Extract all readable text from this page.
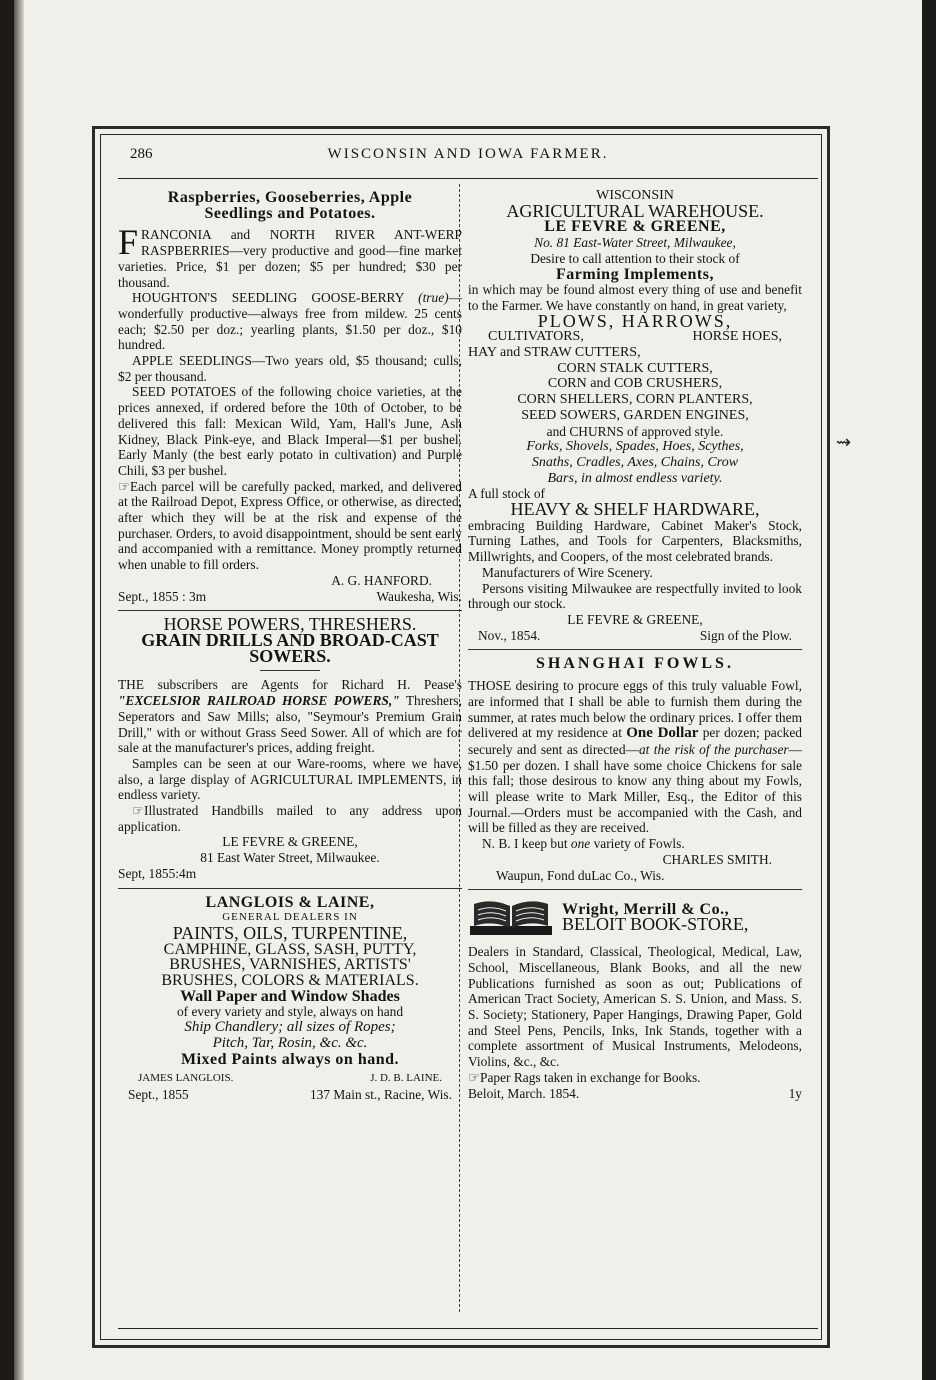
⇝
286	WISCONSIN AND IOWA FARMER.
Raspberries, Gooseberries, Apple
Seedlings and Potatoes.
FRANCONIA and NORTH RIVER ANT-WERP RASPBERRIES—very productive and good—fine market varieties. Price, $1 per dozen; $5 per hundred; $30 per thousand.
HOUGHTON'S SEEDLING GOOSE-BERRY (true)—wonderfully productive—always free from mildew. 25 cents each; $2.50 per doz.; yearling plants, $1.50 per doz., $10 hundred.
APPLE SEEDLINGS—Two years old, $5 thousand; culls, $2 per thousand.
SEED POTATOES of the following choice varieties, at the prices annexed, if ordered before the 10th of October, to be delivered this fall: Mexican Wild, Yam, Hall's June, Ash Kidney, Black Pink-eye, and Black Imperal—$1 per bushel. Early Manly (the best early potato in cultivation) and Purple Chili, $3 per bushel.
☞Each parcel will be carefully packed, marked, and delivered at the Railroad Depot, Express Office, or otherwise, as directed, after which they will be at the risk and expense of the purchaser. Orders, to avoid disappointment, should be sent early and accompanied with a remittance. Money promptly returned when unable to fill orders.
A. G. HANFORD.
Sept., 1855 : 3m	Waukesha, Wis.
HORSE POWERS, THRESHERS.
GRAIN DRILLS AND BROAD-CAST SOWERS.
THE subscribers are Agents for Richard H. Pease's "EXCELSIOR RAILROAD HORSE POWERS," Threshers, Seperators and Saw Mills; also, "Seymour's Premium Grain Drill," with or without Grass Seed Sower. All of which are for sale at the manufacturer's prices, adding freight.
Samples can be seen at our Ware-rooms, where we have, also, a large display of AGRICULTURAL IMPLEMENTS, in endless variety.
☞Illustrated Handbills mailed to any address upon application.
LE FEVRE & GREENE,
81 East Water Street, Milwaukee.
Sept, 1855:4m
LANGLOIS & LAINE,
GENERAL DEALERS IN
PAINTS, OILS, TURPENTINE,
CAMPHINE, GLASS, SASH, PUTTY,
BRUSHES, VARNISHES, ARTISTS'
BRUSHES, COLORS & MATERIALS.
Wall Paper and Window Shades
of every variety and style, always on hand
Ship Chandlery; all sizes of Ropes;
Pitch, Tar, Rosin, &c. &c.
Mixed Paints always on hand.
JAMES LANGLOIS.	J. D. B. LAINE.
Sept., 1855	137 Main st., Racine, Wis.
WISCONSIN
AGRICULTURAL WAREHOUSE.
LE FEVRE & GREENE,
No. 81 East-Water Street, Milwaukee,
Desire to call attention to their stock of
Farming Implements,
in which may be found almost every thing of use and benefit to the Farmer. We have constantly on hand, in great variety,
PLOWS, HARROWS,
CULTIVATORS,	HORSE HOES,
HAY and STRAW CUTTERS,
CORN STALK CUTTERS,
CORN and COB CRUSHERS,
CORN SHELLERS, CORN PLANTERS,
SEED SOWERS, GARDEN ENGINES,
and CHURNS of approved style.
Forks, Shovels, Spades, Hoes, Scythes,
Snaths, Cradles, Axes, Chains, Crow
Bars, in almost endless variety.
A full stock of
HEAVY & SHELF HARDWARE,
embracing Building Hardware, Cabinet Maker's Stock, Turning Lathes, and Tools for Carpenters, Blacksmiths, Millwrights, and Coopers, of the most celebrated brands.
Manufacturers of Wire Scenery.
Persons visiting Milwaukee are respectfully invited to look through our stock.
LE FEVRE & GREENE,
Nov., 1854.	Sign of the Plow.
SHANGHAI FOWLS.
THOSE desiring to procure eggs of this truly valuable Fowl, are informed that I shall be able to furnish them during the summer, at rates much below the ordinary prices. I offer them delivered at my residence at One Dollar per dozen; packed securely and sent as directed—at the risk of the purchaser—$1.50 per dozen. I shall have some choice Chickens for sale this fall; those desirous to know any thing about my Fowls, will please write to Mark Miller, Esq., the Editor of this Journal.—Orders must be accompanied with the Cash, and will be filled as they are received.
N. B. I keep but one variety of Fowls.
CHARLES SMITH.
Waupun, Fond duLac Co., Wis.
Wright, Merrill & Co.,
BELOIT BOOK-STORE,
Dealers in Standard, Classical, Theological, Medical, Law, School, Miscellaneous, Blank Books, and all the new Publications furnished as soon as out; Publications of American Tract Society, American S. S. Union, and Mass. S. S. Society; Stationery, Paper Hangings, Drawing Paper, Gold and Steel Pens, Pencils, Inks, Ink Stands, together with a complete assortment of Musical Instruments, Melodeons, Violins, &c., &c.
☞Paper Rags taken in exchange for Books.
Beloit, March. 1854.	1y
